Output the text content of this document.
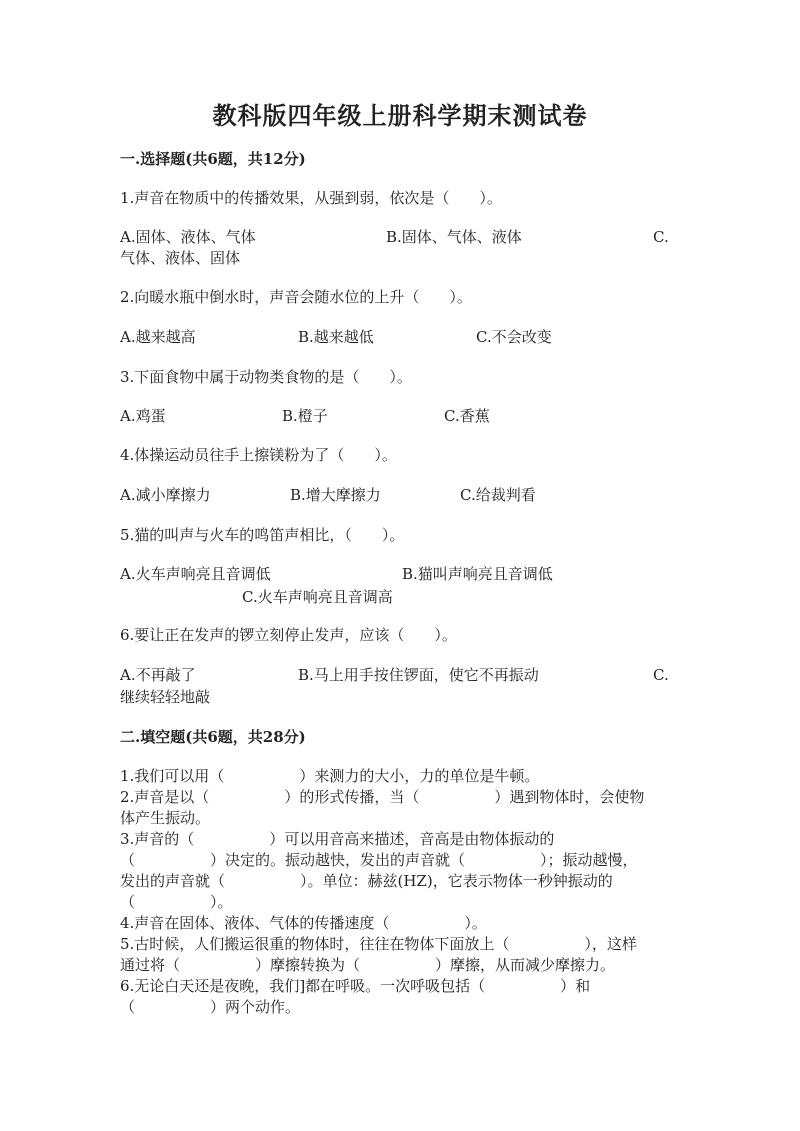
教科版四年级上册科学期末测试卷
一.选择题(共6题，共12分)
1.声音在物质中的传播效果，从强到弱，依次是（　　）。
A.固体、液体、气体	B.固体、气体、液体	C.
气体、液体、固体
2.向暖水瓶中倒水时，声音会随水位的上升（　　）。
A.越来越高	B.越来越低	C.不会改变
3.下面食物中属于动物类食物的是（　　）。
A.鸡蛋	B.橙子	C.香蕉
4.体操运动员往手上擦镁粉为了（　　）。
A.减小摩擦力	B.增大摩擦力	C.给裁判看
5.猫的叫声与火车的鸣笛声相比，（　　）。
A.火车声响亮且音调低	B.猫叫声响亮且音调低
C.火车声响亮且音调高
6.要让正在发声的锣立刻停止发声，应该（　　）。
A.不再敲了	B.马上用手按住锣面，使它不再振动	C.
继续轻轻地敲
二.填空题(共6题，共28分)
1.我们可以用（　　　　　）来测力的大小，力的单位是牛顿。
2.声音是以（　　　　　）的形式传播，当（　　　　　）遇到物体时，会使物
体产生振动。
3.声音的（　　　　　）可以用音高来描述，音高是由物体振动的
（　　　　　）决定的。振动越快，发出的声音就（　　　　　）；振动越慢，
发出的声音就（　　　　　）。单位：赫兹(HZ)，它表示物体一秒钟振动的
（　　　　　）。
4.声音在固体、液体、气体的传播速度（　　　　　）。
5.古时候，人们搬运很重的物体时，往往在物体下面放上（　　　　　），这样
通过将（　　　　　）摩擦转换为（　　　　　）摩擦，从而减少摩擦力。
6.无论白天还是夜晚，我们]都在呼吸。一次呼吸包括（　　　　　）和
（　　　　　）两个动作。
